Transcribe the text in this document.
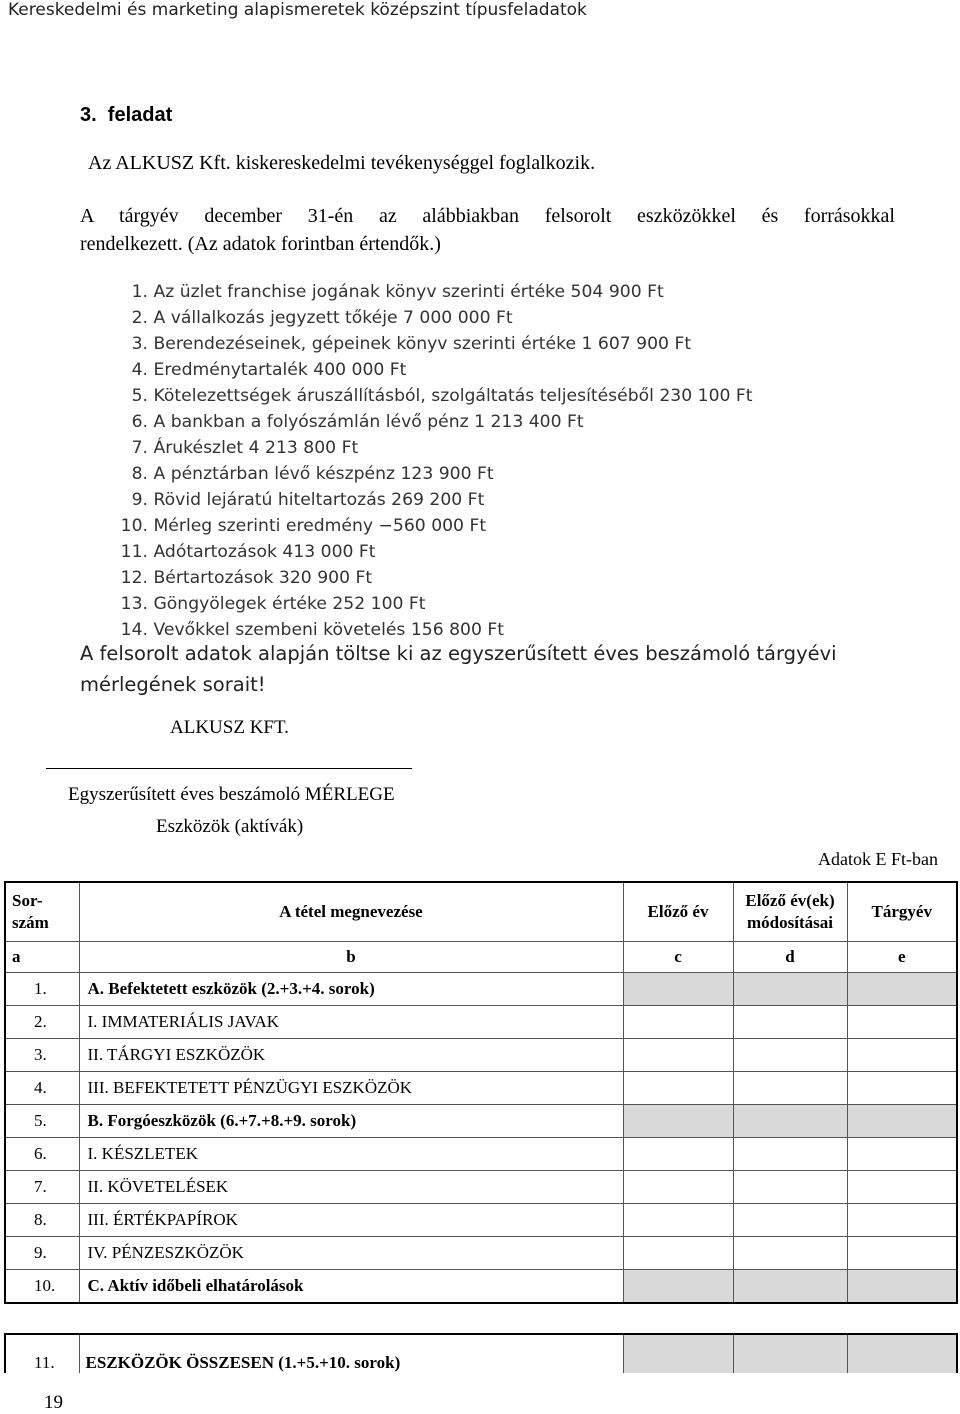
Kereskedelmi és marketing alapismeretek középszint típusfeladatok
3.  feladat
Az ALKUSZ Kft. kiskereskedelmi tevékenységgel foglalkozik.
A tárgyév december 31-én az alábbiakban felsorolt eszközökkel és forrásokkal
rendelkezett. (Az adatok forintban értendők.)
1. Az üzlet franchise jogának könyv szerinti értéke 504 900 Ft
2. A vállalkozás jegyzett tőkéje 7 000 000 Ft
3. Berendezéseinek, gépeinek könyv szerinti értéke 1 607 900 Ft
4. Eredménytartalék 400 000 Ft
5. Kötelezettségek áruszállításból, szolgáltatás teljesítéséből 230 100 Ft
6. A bankban a folyószámlán lévő pénz 1 213 400 Ft
7. Árukészlet 4 213 800 Ft
8. A pénztárban lévő készpénz 123 900 Ft
9. Rövid lejáratú hiteltartozás 269 200 Ft
10. Mérleg szerinti eredmény −560 000 Ft
11. Adótartozások 413 000 Ft
12. Bértartozások 320 900 Ft
13. Göngyölegek értéke 252 100 Ft
14. Vevőkkel szembeni követelés 156 800 Ft
A felsorolt adatok alapján töltse ki az egyszerűsített éves beszámoló tárgyévi mérlegének sorait!
ALKUSZ KFT.
Egyszerűsített éves beszámoló MÉRLEGE
Eszközök (aktívák)
Adatok E Ft-ban
Sor-
szám	A tétel megnevezése	Előző év	Előző év(ek)
módosításai	Tárgyév
a	b	c	d	e
1.	A. Befektetett eszközök (2.+3.+4. sorok)			
2.	I. IMMATERIÁLIS JAVAK			
3.	II. TÁRGYI ESZKÖZÖK			
4.	III. BEFEKTETETT PÉNZÜGYI ESZKÖZÖK			
5.	B. Forgóeszközök (6.+7.+8.+9. sorok)			
6.	I. KÉSZLETEK			
7.	II. KÖVETELÉSEK			
8.	III. ÉRTÉKPAPÍROK			
9.	IV. PÉNZESZKÖZÖK			
10.	C. Aktív időbeli elhatárolások			
11.	ESZKÖZÖK ÖSSZESEN (1.+5.+10. sorok)			
19
